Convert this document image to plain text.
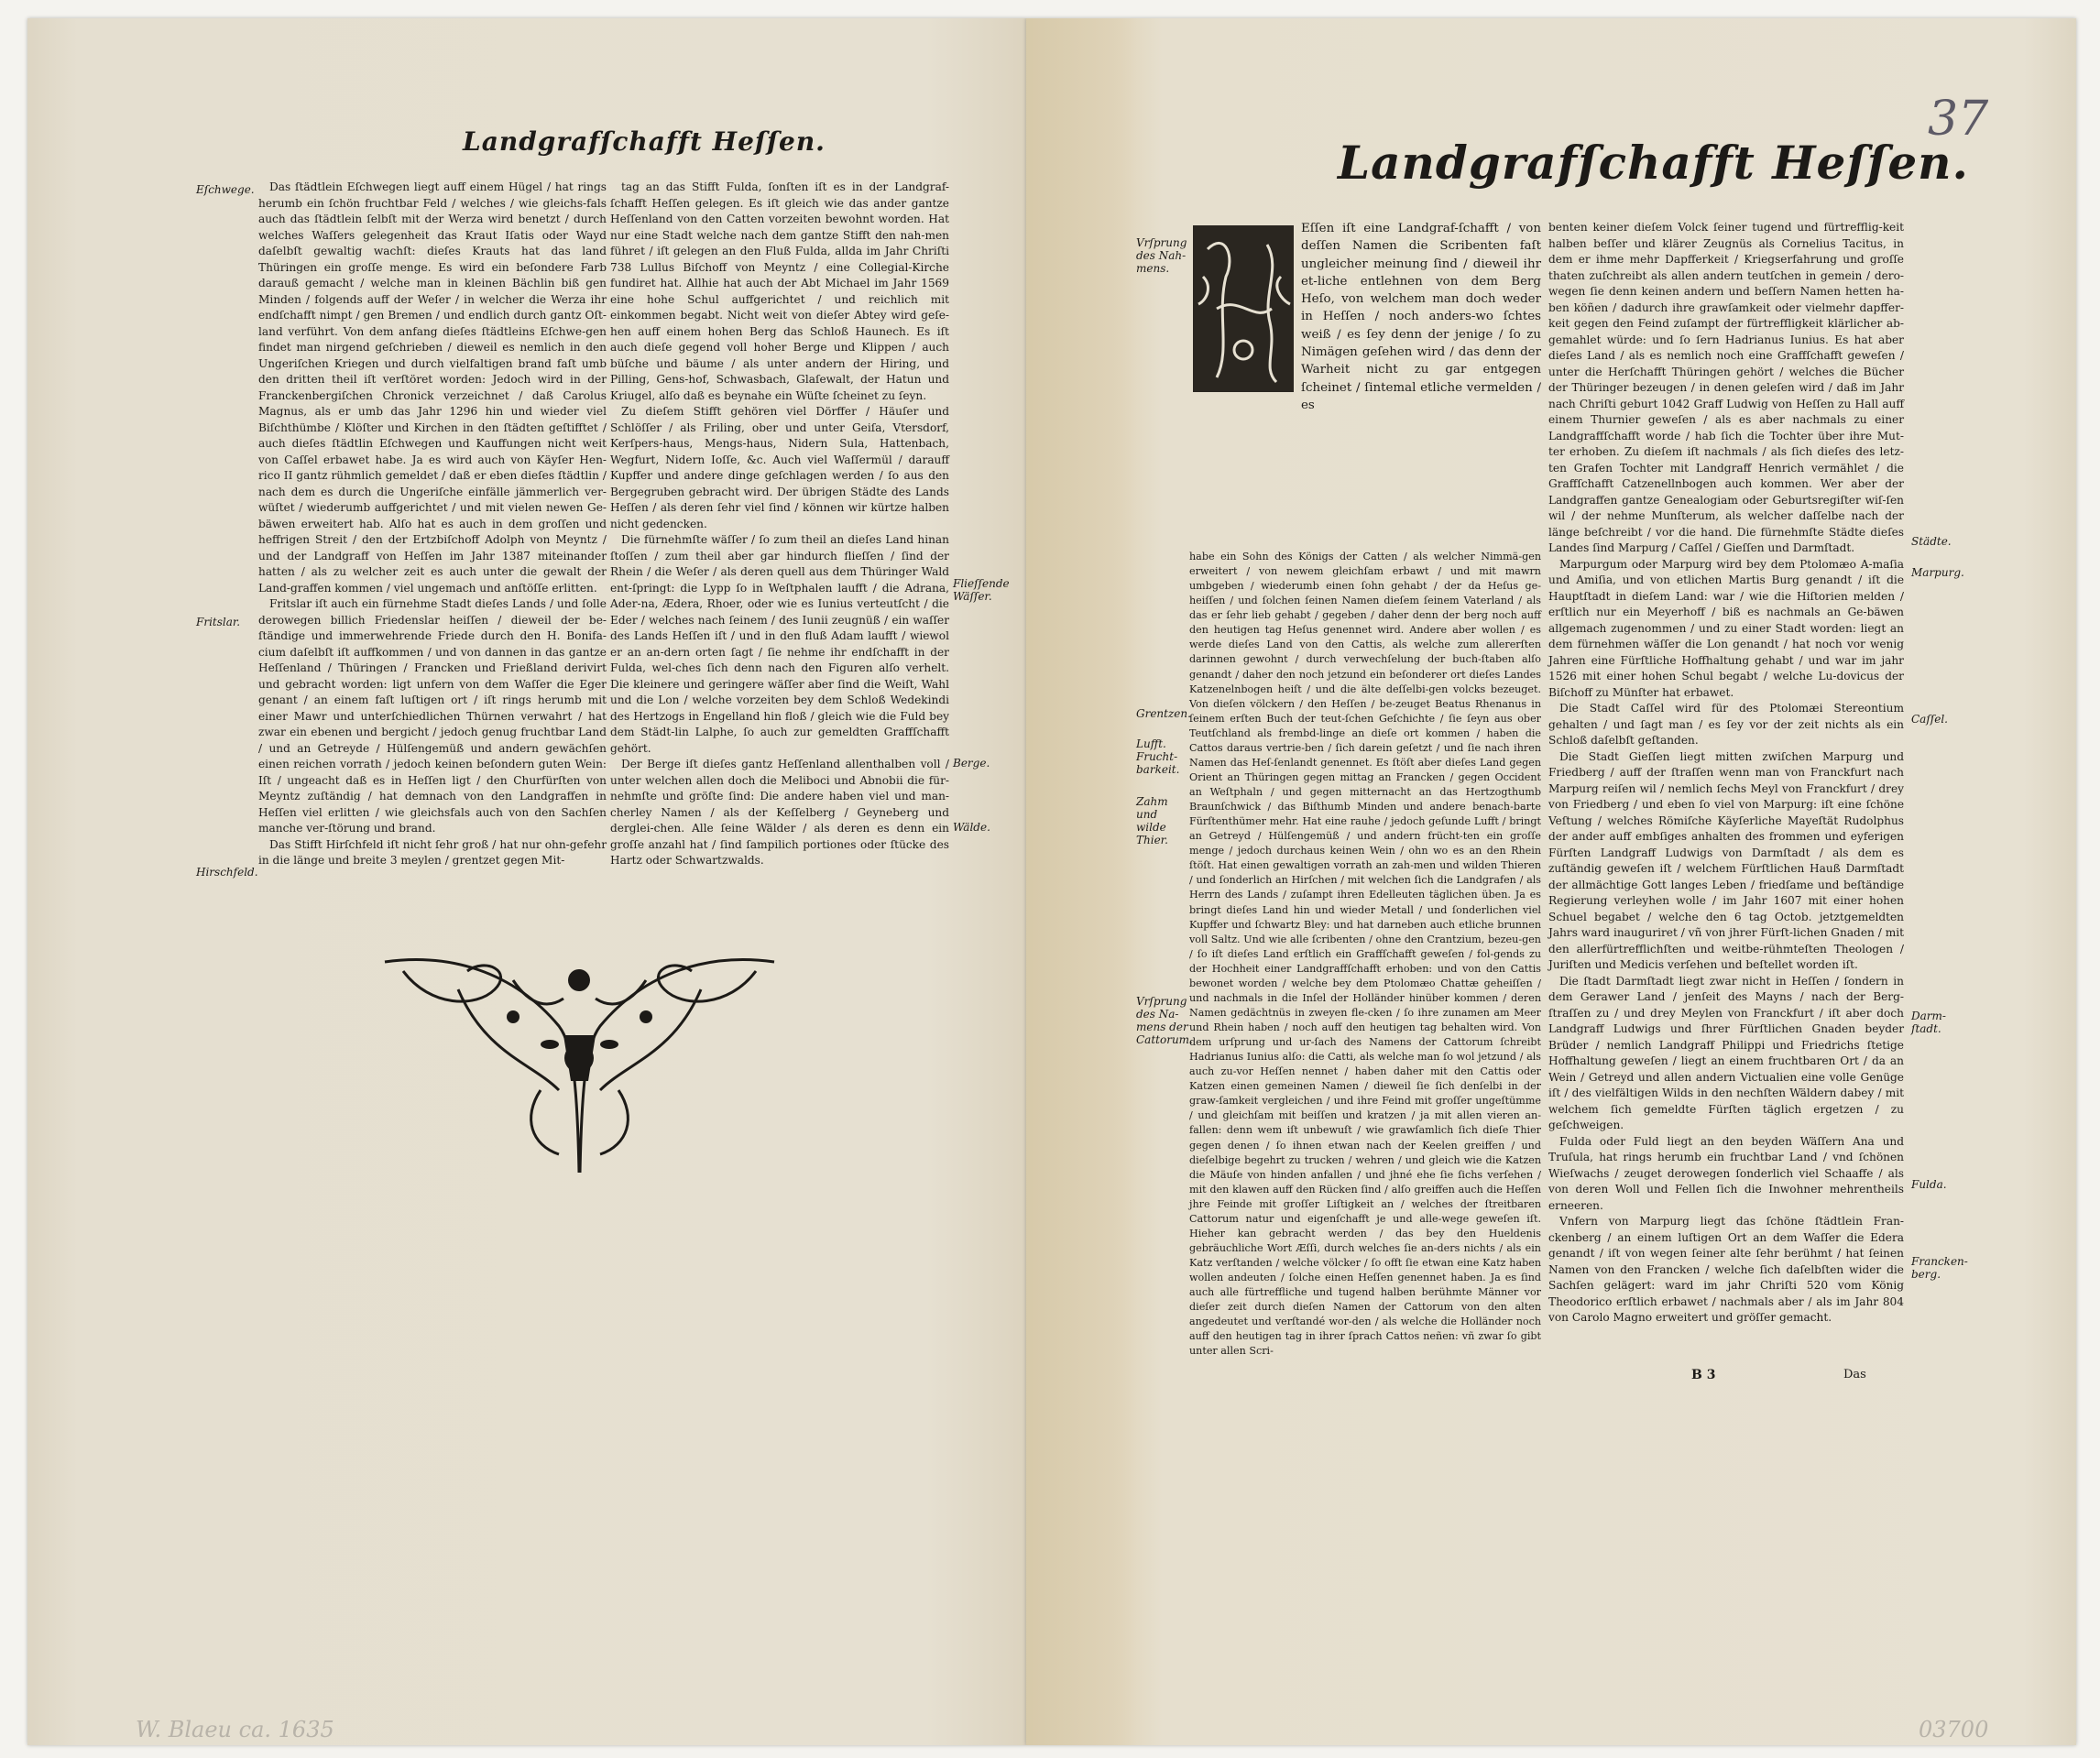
Landgrafſchafft Heſſen.	Landgrafſchafft Heſſen.
37
Eſchwege.
Fritslar.
Hirschfeld.
Flieſſende Wäſſer.
Berge.
Wälde.

Das ſtädtlein Eſchwegen liegt auff einem Hügel / hat rings herumb ein ſchön fruchtbar Feld / welches / wie gleichs-fals auch das ſtädtlein ſelbſt mit der Werza wird benetzt / durch welches Waſſers gelegenheit das Kraut Iſatis oder Wayd daſelbſt gewaltig wachſt: dieſes Krauts hat das land Thüringen ein groſſe menge. Es wird ein beſondere Farb darauß gemacht / welche man in kleinen Bächlin biß gen Minden / folgends auff der Weſer / in welcher die Werza ihr endſchafft nimpt / gen Bremen / und endlich durch gantz Oſt-land verführt. Von dem anfang dieſes ſtädtleins Eſchwe-gen findet man nirgend geſchrieben / dieweil es nemlich in den Ungeriſchen Kriegen und durch vielfaltigen brand faſt umb den dritten theil iſt verſtöret worden: Jedoch wird in der Franckenbergiſchen Chronick verzeichnet / daß Carolus Magnus, als er umb das Jahr 1296 hin und wieder viel Biſchthümbe / Klöſter und Kirchen in den ſtädten geſtifftet / auch dieſes ſtädtlin Eſchwegen und Kauffungen nicht weit von Caſſel erbawet habe. Ja es wird auch von Käyſer Hen-rico II gantz rühmlich gemeldet / daß er eben dieſes ſtädtlin / nach dem es durch die Ungeriſche einfälle jämmerlich ver-wüſtet / wiederumb auffgerichtet / und mit vielen newen Ge-bäwen erweitert hab. Alſo hat es auch in dem groſſen und heffrigen Streit / den der Ertzbiſchoff Adolph von Meyntz / und der Landgraff von Heſſen im Jahr 1387 miteinander hatten / als zu welcher zeit es auch unter die gewalt der Land-graffen kommen / viel ungemach und anſtöſſe erlitten.

Fritslar iſt auch ein fürnehme Stadt dieſes Lands / und ſolle derowegen billich Friedenslar heiſſen / dieweil der be-ſtändige und immerwehrende Friede durch den H. Bonifa-cium daſelbſt iſt auffkommen / und von dannen in das gantze Heſſenland / Thüringen / Francken und Frießland derivirt und gebracht worden: ligt unfern von dem Waſſer die Eger genant / an einem faſt luſtigen ort / iſt rings herumb mit einer Mawr und unterſchiedlichen Thürnen verwahrt / hat zwar ein ebenen und bergicht / jedoch genug fruchtbar Land / und an Getreyde / Hülſengemüß und andern gewächſen einen reichen vorrath / jedoch keinen beſondern guten Wein: Iſt / ungeacht daß es in Heſſen ligt / den Churfürſten von Meyntz zuſtändig / hat demnach von den Landgraffen in Heſſen viel erlitten / wie gleichsfals auch von den Sachſen manche ver-ſtörung und brand.

Das Stifft Hirſchfeld iſt nicht ſehr groß / hat nur ohn-gefehr in die länge und breite 3 meylen / grentzet gegen Mit-

tag an das Stifft Fulda, ſonſten iſt es in der Landgraf-ſchafft Heſſen gelegen. Es iſt gleich wie das ander gantze Heſſenland von den Catten vorzeiten bewohnt worden. Hat nur eine Stadt welche nach dem gantze Stifft den nah-men führet / iſt gelegen an den Fluß Fulda, allda im Jahr Chriſti 738 Lullus Biſchoff von Meyntz / eine Collegial-Kirche fundiret hat. Allhie hat auch der Abt Michael im Jahr 1569 eine hohe Schul auffgerichtet / und reichlich mit einkommen begabt. Nicht weit von dieſer Abtey wird geſe-hen auff einem hohen Berg das Schloß Haunech. Es iſt auch dieſe gegend voll hoher Berge und Klippen / auch büſche und bäume / als unter andern der Hiring, und Pilling, Gens-hof, Schwasbach, Glaſewalt, der Hatun und Kriugel, alſo daß es beynahe ein Wüſte ſcheinet zu ſeyn.

Zu dieſem Stifft gehören viel Dörffer / Häuſer und Schlöſſer / als Friling, ober und unter Geiſa, Vtersdorf, Kerſpers-haus, Mengs-haus, Nidern Sula, Hattenbach, Wegfurt, Nidern Ioſſe, &c. Auch viel Waſſermül / darauff Kupffer und andere dinge geſchlagen werden / ſo aus den Bergegruben gebracht wird. Der übrigen Städte des Lands Heſſen / als deren ſehr viel ſind / können wir kürtze halben nicht gedencken.

Die fürnehmſte wäſſer / ſo zum theil an dieſes Land hinan ſtoſſen / zum theil aber gar hindurch flieſſen / ſind der Rhein / die Weſer / als deren quell aus dem Thüringer Wald ent-ſpringt: die Lypp ſo in Weſtphalen laufft / die Adrana, Ader-na, Ædera, Rhoer, oder wie es Iunius verteutſcht / die Eder / welches nach ſeinem / des Iunii zeugnüß / ein waſſer des Lands Heſſen iſt / und in den fluß Adam laufft / wiewol er an an-dern orten ſagt / ſie nehme ihr endſchafft in der Fulda, wel-ches ſich denn nach den Figuren alſo verhelt. Die kleinere und geringere wäſſer aber ſind die Weiſt, Wahl und die Lon / welche vorzeiten bey dem Schloß Wedekindi des Hertzogs in Engelland hin floß / gleich wie die Fuld bey dem Städt-lin Lalphe, ſo auch zur gemeldten Graffſchafft gehört.

Der Berge iſt dieſes gantz Heſſenland allenthalben voll / unter welchen allen doch die Meliboci und Abnobii die für-nehmſte und gröſte ſind: Die andere haben viel und man-cherley Namen / als der Keſſelberg / Geyneberg und derglei-chen. Alle ſeine Wälder / als deren es denn ein groſſe anzahl hat / ſind ſampilich portiones oder ſtücke des Hartz oder Schwartzwalds.

Vrſprung des Nah-mens.
Grentzen.
Lufft. Frucht-barkeit.
Zahm und wilde Thier.
Vrſprung des Na-mens der Cattorum.
Städte.
Marpurg.
Caſſel.
Darm-ſtadt.
Fulda.
Francken-berg.

Eſſen iſt eine Landgraf-ſchafft / von deſſen Namen die Scribenten faſt ungleicher meinung ſind / dieweil ihr et-liche entlehnen von dem Berg Heſo, von welchem man doch weder in Heſſen / noch anders-wo ſchtes weiß / es ſey denn der jenige / ſo zu Nimägen geſehen wird / das denn der Warheit nicht zu gar entgegen ſcheinet / ſintemal etliche vermelden / es

habe ein Sohn des Königs der Catten / als welcher Nimmä-gen erweitert / von newem gleichſam erbawt / und mit mawrn umbgeben / wiederumb einen ſohn gehabt / der da Heſus ge-heiſſen / und ſolchen ſeinen Namen dieſem ſeinem Vaterland / als das er ſehr lieb gehabt / gegeben / daher denn der berg noch auff den heutigen tag Heſus genennet wird. Andere aber wollen / es werde dieſes Land von den Cattis, als welche zum allererſten darinnen gewohnt / durch verwechſelung der buch-ſtaben alſo genandt / daher den noch jetzund ein beſonderer ort dieſes Landes Katzenelnbogen heiſt / und die älte deſſelbi-gen volcks bezeuget. Von dieſen völckern / den Heſſen / be-zeuget Beatus Rhenanus in ſeinem erſten Buch der teut-ſchen Geſchichte / ſie ſeyn aus ober Teutſchland als frembd-linge an dieſe ort kommen / haben die Cattos daraus vertrie-ben / ſich darein geſetzt / und ſie nach ihren Namen das Heſ-ſenlandt genennet. Es ſtöſt aber dieſes Land gegen Orient an Thüringen gegen mittag an Francken / gegen Occident an Weſtphaln / und gegen mitternacht an das Hertzogthumb Braunſchwick / das Biſthumb Minden und andere benach-barte Fürſtenthümer mehr. Hat eine rauhe / jedoch geſunde Lufft / bringt an Getreyd / Hülſengemüß / und andern frücht-ten ein groſſe menge / jedoch durchaus keinen Wein / ohn wo es an den Rhein ſtöſt. Hat einen gewaltigen vorrath an zah-men und wilden Thieren / und ſonderlich an Hirſchen / mit welchen ſich die Landgrafen / als Herrn des Lands / zuſampt ihren Edelleuten täglichen üben. Ja es bringt dieſes Land hin und wieder Metall / und ſonderlichen viel Kupffer und ſchwartz Bley: und hat darneben auch etliche brunnen voll Saltz. Und wie alle ſcribenten / ohne den Crantzium, bezeu-gen / ſo iſt dieſes Land erſtlich ein Graffſchafft geweſen / fol-gends zu der Hochheit einer Landgraffſchafft erhoben: und von den Cattis bewonet worden / welche bey dem Ptolomæo Chattæ geheiſſen / und nachmals in die Inſel der Holländer hinüber kommen / deren Namen gedächtnüs in zweyen fle-cken / ſo ihre zunamen am Meer und Rhein haben / noch auff den heutigen tag behalten wird. Von dem urſprung und ur-ſach des Namens der Cattorum ſchreibt Hadrianus Iunius alſo: die Catti, als welche man ſo wol jetzund / als auch zu-vor Heſſen nennet / haben daher mit den Cattis oder Katzen einen gemeinen Namen / dieweil ſie ſich denſelbi in der graw-ſamkeit vergleichen / und ihre Feind mit groſſer ungeſtümme / und gleichſam mit beiſſen und kratzen / ja mit allen vieren an-fallen: denn wem iſt unbewuſt / wie grawſamlich ſich dieſe Thier gegen denen / ſo ihnen etwan nach der Keelen greiffen / und dieſelbige begehrt zu trucken / wehren / und gleich wie die Katzen die Mäuſe von hinden anfallen / und jhné ehe ſie ſichs verſehen / mit den klawen auff den Rücken ſind / alſo greiffen auch die Heſſen jhre Feinde mit groſſer Liſtigkeit an / welches der ſtreitbaren Cattorum natur und eigenſchafft je und alle-wege geweſen iſt. Hieher kan gebracht werden / das bey den Hueldenis gebräuchliche Wort Æſſi, durch welches ſie an-ders nichts / als ein Katz verſtanden / welche völcker / ſo offt ſie etwan eine Katz haben wollen andeuten / ſolche einen Heſſen genennet haben. Ja es ſind auch alle fürtreffliche und tugend halben berühmte Männer vor dieſer zeit durch dieſen Namen der Cattorum von den alten angedeutet und verſtandé wor-den / als welche die Holländer noch auff den heutigen tag in ihrer ſprach Cattos neñen: vñ zwar ſo gibt unter allen Scri-

benten keiner dieſem Volck ſeiner tugend und fürtrefflig-keit halben beſſer und klärer Zeugnüs als Cornelius Tacitus, in dem er ihme mehr Dapfferkeit / Kriegserfahrung und groſſe thaten zuſchreibt als allen andern teutſchen in gemein / dero-wegen ſie denn keinen andern und beſſern Namen hetten ha-ben köñen / dadurch ihre grawſamkeit oder vielmehr dapffer-keit gegen den Feind zuſampt der fürtreffligkeit klärlicher ab-gemahlet würde: und ſo ſern Hadrianus Iunius. Es hat aber dieſes Land / als es nemlich noch eine Graffſchafft geweſen / unter die Herſchafft Thüringen gehört / welches die Bücher der Thüringer bezeugen / in denen geleſen wird / daß im Jahr nach Chriſti geburt 1042 Graff Ludwig von Heſſen zu Hall auff einem Thurnier geweſen / als es aber nachmals zu einer Landgraffſchafft worde / hab ſich die Tochter über ihre Mut-ter erhoben. Zu dieſem iſt nachmals / als ſich dieſes des letz-ten Grafen Tochter mit Landgraff Henrich vermählet / die Graffſchafft Catzenellnbogen auch kommen. Wer aber der Landgraffen gantze Genealogiam oder Geburtsregiſter wiſ-ſen wil / der nehme Munſterum, als welcher daſſelbe nach der länge beſchreibt / vor die hand. Die fürnehmſte Städte dieſes Landes ſind Marpurg / Caſſel / Gieſſen und Darmſtadt.

Marpurgum oder Marpurg wird bey dem Ptolomæo A-maſia und Amiſia, und von etlichen Martis Burg genandt / iſt die Hauptſtadt in dieſem Land: war / wie die Hiſtorien melden / erſtlich nur ein Meyerhoff / biß es nachmals an Ge-bäwen allgemach zugenommen / und zu einer Stadt worden: liegt an dem fürnehmen wäſſer die Lon genandt / hat noch vor wenig Jahren eine Fürſtliche Hoffhaltung gehabt / und war im jahr 1526 mit einer hohen Schul begabt / welche Lu-dovicus der Biſchoff zu Münſter hat erbawet.

Die Stadt Caſſel wird für des Ptolomæi Stereontium gehalten / und ſagt man / es ſey vor der zeit nichts als ein Schloß daſelbſt geſtanden.

Die Stadt Gieſſen liegt mitten zwiſchen Marpurg und Friedberg / auff der ſtraſſen wenn man von Franckfurt nach Marpurg reiſen wil / nemlich ſechs Meyl von Franckfurt / drey von Friedberg / und eben ſo viel von Marpurg: iſt eine ſchöne Veſtung / welches Römiſche Käyſerliche Mayeſtät Rudolphus der ander auff embſiges anhalten des frommen und eyferigen Fürſten Landgraff Ludwigs von Darmſtadt / als dem es zuſtändig geweſen iſt / welchem Fürſtlichen Hauß Darmſtadt der allmächtige Gott langes Leben / friedſame und beſtändige Regierung verleyhen wolle / im Jahr 1607 mit einer hohen Schuel begabet / welche den 6 tag Octob. jetztgemeldten Jahrs ward inauguriret / vñ von jhrer Fürſt-lichen Gnaden / mit den allerfürtrefflichſten und weitbe-rühmteſten Theologen / Juriſten und Medicis verſehen und beſtellet worden iſt.

Die ſtadt Darmſtadt liegt zwar nicht in Heſſen / ſondern in dem Gerawer Land / jenſeit des Mayns / nach der Berg-ſtraſſen zu / und drey Meylen von Franckfurt / iſt aber doch Landgraff Ludwigs und ſhrer Fürſtlichen Gnaden beyder Brüder / nemlich Landgraff Philippi und Friedrichs ſtetige Hoffhaltung geweſen / liegt an einem fruchtbaren Ort / da an Wein / Getreyd und allen andern Victualien eine volle Genüge iſt / des vielfältigen Wilds in den nechſten Wäldern dabey / mit welchem ſich gemeldte Fürſten täglich ergetzen / zu geſchweigen.

Fulda oder Fuld liegt an den beyden Wäſſern Ana und Truſula, hat rings herumb ein fruchtbar Land / vnd ſchönen Wieſwachs / zeuget derowegen ſonderlich viel Schaaffe / als von deren Woll und Fellen ſich die Inwohner mehrentheils erneeren.

Vnfern von Marpurg liegt das ſchöne ſtädtlein Fran-ckenberg / an einem luſtigen Ort an dem Waſſer die Edera genandt / iſt von wegen ſeiner alte ſehr berühmt / hat ſeinen Namen von den Francken / welche ſich daſelbſten wider die Sachſen gelägert: ward im jahr Chriſti 520 vom König Theodorico erſtlich erbawet / nachmals aber / als im Jahr 804 von Carolo Magno erweitert und gröſſer gemacht.

B 3	Das
W. Blaeu ca. 1635	03700
